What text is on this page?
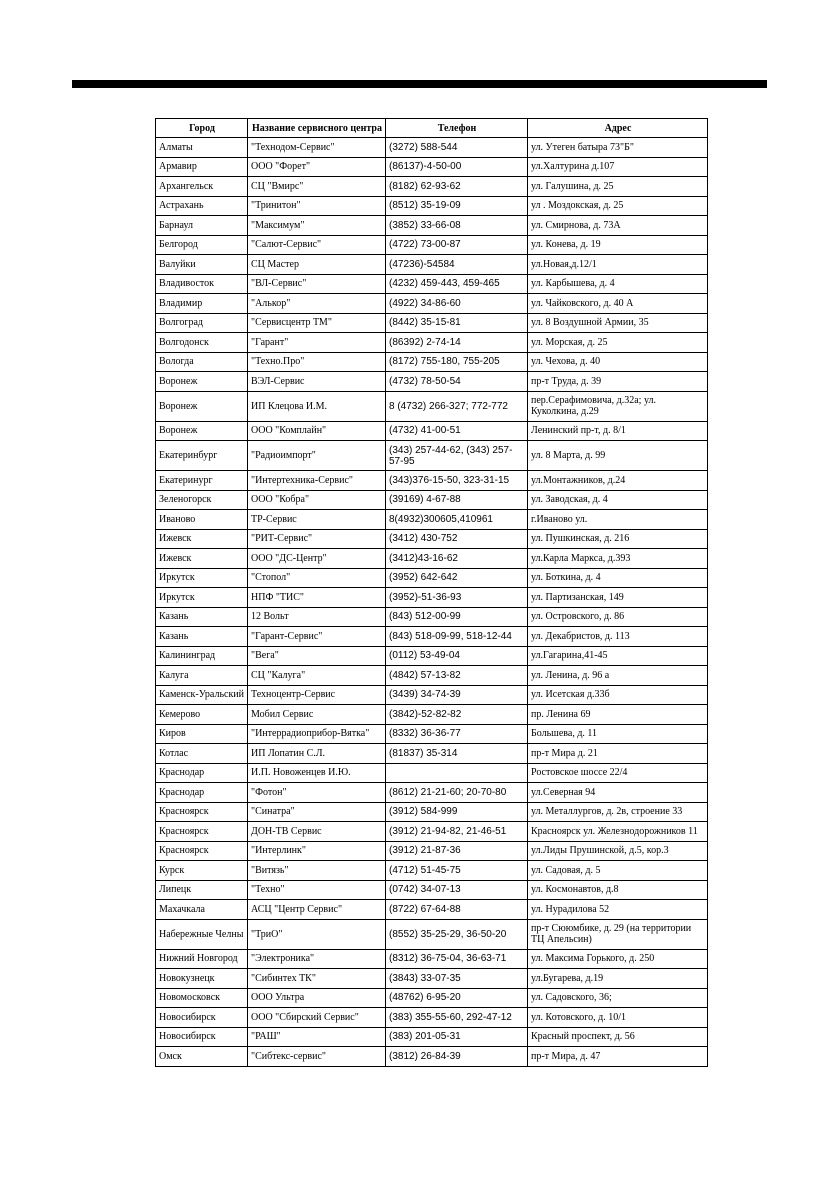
Город	Название сервисного центра	Телефон	Адрес
Алматы	"Технодом-Сервис"	(3272) 588-544	ул. Утеген батыра 73"Б"
Армавир	ООО "Форет"	(86137)-4-50-00	ул.Халтурина д.107
Архангельск	СЦ "Вмирс"	(8182) 62-93-62	ул. Галушина, д. 25
Астрахань	"Тринитон"	(8512) 35-19-09	ул . Моздокская, д. 25
Барнаул	"Максимум"	(3852) 33-66-08	ул. Смирнова, д. 73А
Белгород	"Салют-Сервис"	(4722) 73-00-87	ул. Конева, д. 19
Валуйки	СЦ Мастер	(47236)-54584	ул.Новая,д.12/1
Владивосток	"ВЛ-Сервис"	(4232) 459-443, 459-465	ул. Карбышева, д. 4
Владимир	"Алькор"	(4922) 34-86-60	ул. Чайковского, д. 40 А
Волгоград	"Сервисцентр ТМ"	(8442) 35-15-81	ул. 8 Воздушной Армии, 35
Волгодонск	"Гарант"	(86392) 2-74-14	ул. Морская, д. 25
Вологда	"Техно.Про"	(8172) 755-180, 755-205	ул. Чехова, д. 40
Воронеж	ВЭЛ-Сервис	(4732) 78-50-54	пр-т Труда, д. 39
Воронеж	ИП Клецова И.М.	8 (4732) 266-327; 772-772	пер.Серафимовича, д.32а; ул. Куколкина, д.29
Воронеж	ООО "Комплайн"	(4732) 41-00-51	Ленинский пр-т, д. 8/1
Екатеринбург	"Радиоимпорт"	(343) 257-44-62, (343) 257-57-95	ул. 8 Марта, д. 99
Екатеринург	"Интертехника-Сервис"	(343)376-15-50, 323-31-15	ул.Монтажников, д.24
Зеленогорск	ООО "Кобра"	(39169) 4-67-88	ул. Заводская, д. 4
Иваново	ТР-Сервис	8(4932)300605,410961	г.Иваново ул.
Ижевск	"РИТ-Сервис"	(3412) 430-752	ул. Пушкинская, д. 216
Ижевск	ООО "ДС-Центр"	(3412)43-16-62	ул.Карла Маркса, д.393
Иркутск	"Стопол"	(3952) 642-642	ул. Боткина, д. 4
Иркутск	НПФ "ТИС"	(3952)-51-36-93	ул. Партизанская, 149
Казань	12 Вольт	(843) 512-00-99	ул. Островского, д. 86
Казань	"Гарант-Сервис"	(843) 518-09-99, 518-12-44	ул. Декабристов, д. 113
Калининград	"Вега"	(0112) 53-49-04	ул.Гагарина,41-45
Калуга	СЦ "Калуга"	(4842) 57-13-82	ул. Ленина, д. 96 а
Каменск-Уральский	Техноцентр-Сервис	(3439) 34-74-39	ул. Исетская д.33б
Кемерово	Мобил Сервис	(3842)-52-82-82	пр. Ленина 69
Киров	"Интеррадиоприбор-Вятка"	(8332) 36-36-77	Большева, д. 11
Котлас	ИП Лопатин С.Л.	(81837) 35-314	пр-т Мира д. 21
Краснодар	И.П. Новоженцев И.Ю.		Ростовское шоссе 22/4
Краснодар	"Фотон"	(8612) 21-21-60; 20-70-80	ул.Северная 94
Красноярск	"Синатра"	(3912) 584-999	ул. Металлургов, д. 2в, строение 33
Красноярск	ДОН-ТВ Сервис	(3912) 21-94-82, 21-46-51	Красноярск ул. Железнодорожников 11
Красноярск	"Интерлинк"	(3912) 21-87-36	ул.Лиды Прушинской, д.5, кор.3
Курск	"Витязь"	(4712) 51-45-75	ул. Садовая, д. 5
Липецк	"Техно"	(0742) 34-07-13	ул. Космонавтов, д.8
Махачкала	АСЦ "Центр Сервис"	(8722) 67-64-88	ул. Нурадилова 52
Набережные Челны	"ТриО"	(8552) 35-25-29, 36-50-20	пр-т Сююмбике, д. 29 (на территории ТЦ Апельсин)
Нижний Новгород	"Электроника"	(8312) 36-75-04, 36-63-71	ул. Максима Горького, д. 250
Новокузнецк	"Сибинтех ТК"	(3843) 33-07-35	ул.Бугарева, д.19
Новомосковск	ООО Ультра	(48762) 6-95-20	ул. Садовского, 36;
Новосибирск	ООО "Сбирский Сервис"	(383) 355-55-60, 292-47-12	ул. Котовского, д. 10/1
Новосибирск	"РАШ"	(383) 201-05-31	Красный проспект, д. 56
Омск	"Сибтекс-сервис"	(3812) 26-84-39	пр-т Мира, д. 47
